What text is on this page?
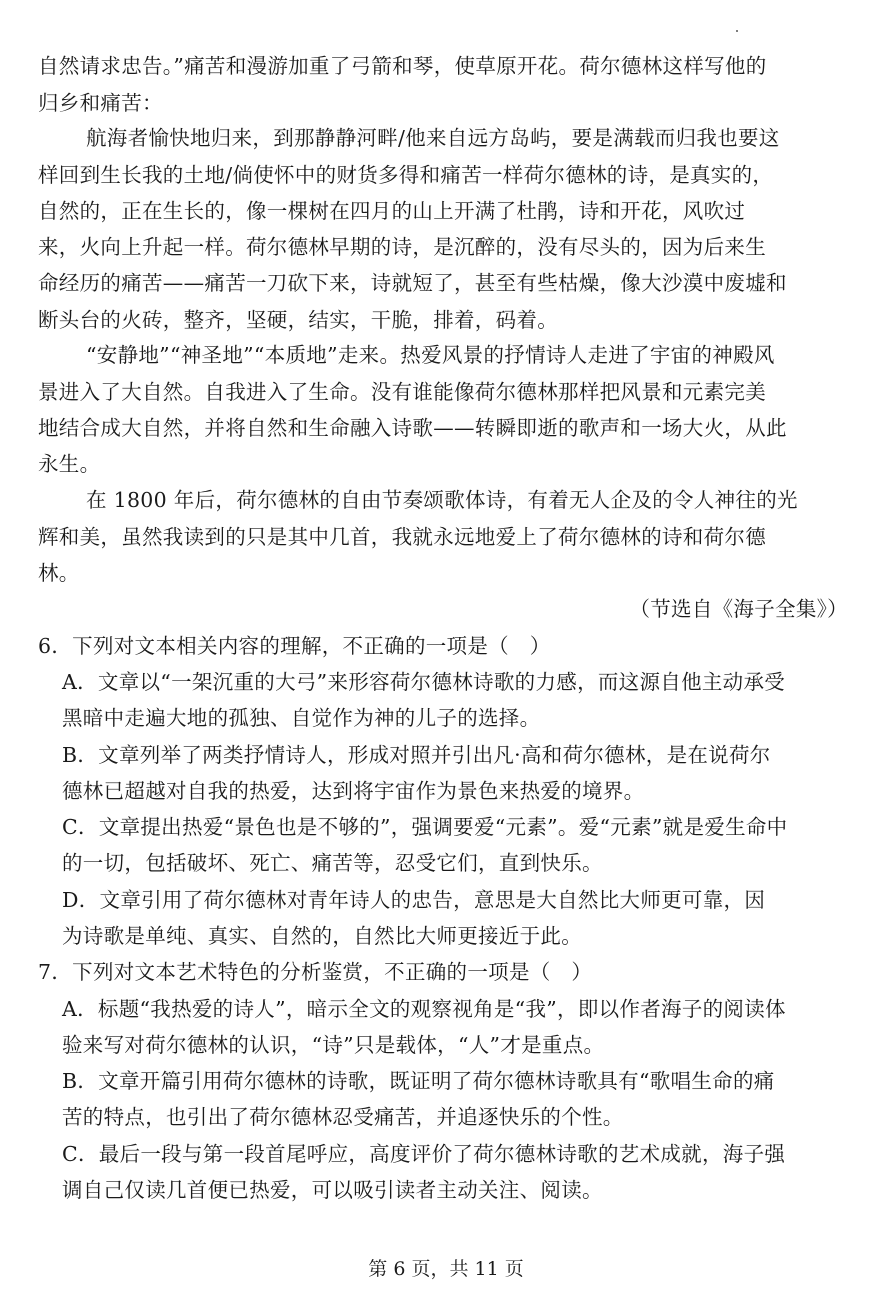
自然请求忠告。”痛苦和漫游加重了弓箭和琴，使草原开花。荷尔德林这样写他的
归乡和痛苦：
航海者愉快地归来，到那静静河畔/他来自远方岛屿，要是满载而归我也要这
样回到生长我的土地/倘使怀中的财货多得和痛苦一样荷尔德林的诗，是真实的，
自然的，正在生长的，像一棵树在四月的山上开满了杜鹃，诗和开花，风吹过
来，火向上升起一样。荷尔德林早期的诗，是沉醉的，没有尽头的，因为后来生
命经历的痛苦——痛苦一刀砍下来，诗就短了，甚至有些枯燥，像大沙漠中废墟和
断头台的火砖，整齐，坚硬，结实，干脆，排着，码着。
“安静地”“神圣地”“本质地”走来。热爱风景的抒情诗人走进了宇宙的神殿风
景进入了大自然。自我进入了生命。没有谁能像荷尔德林那样把风景和元素完美
地结合成大自然，并将自然和生命融入诗歌——转瞬即逝的歌声和一场大火，从此
永生。
在 1800 年后，荷尔德林的自由节奏颂歌体诗，有着无人企及的令人神往的光
辉和美，虽然我读到的只是其中几首，我就永远地爱上了荷尔德林的诗和荷尔德
林。
（节选自《海子全集》）
6．下列对文本相关内容的理解，不正确的一项是（　）
A．文章以“一架沉重的大弓”来形容荷尔德林诗歌的力感，而这源自他主动承受
黑暗中走遍大地的孤独、自觉作为神的儿子的选择。
B．文章列举了两类抒情诗人，形成对照并引出凡·高和荷尔德林，是在说荷尔
德林已超越对自我的热爱，达到将宇宙作为景色来热爱的境界。
C．文章提出热爱“景色也是不够的”，强调要爱“元素”。爱“元素”就是爱生命中
的一切，包括破坏、死亡、痛苦等，忍受它们，直到快乐。
D．文章引用了荷尔德林对青年诗人的忠告，意思是大自然比大师更可靠，因
为诗歌是单纯、真实、自然的，自然比大师更接近于此。
7．下列对文本艺术特色的分析鉴赏，不正确的一项是（　）
A．标题“我热爱的诗人”，暗示全文的观察视角是“我”，即以作者海子的阅读体
验来写对荷尔德林的认识，“诗”只是载体，“人”才是重点。
B．文章开篇引用荷尔德林的诗歌，既证明了荷尔德林诗歌具有“歌唱生命的痛
苦的特点，也引出了荷尔德林忍受痛苦，并追逐快乐的个性。
C．最后一段与第一段首尾呼应，高度评价了荷尔德林诗歌的艺术成就，海子强
调自己仅读几首便已热爱，可以吸引读者主动关注、阅读。
第 6 页，共 11 页
